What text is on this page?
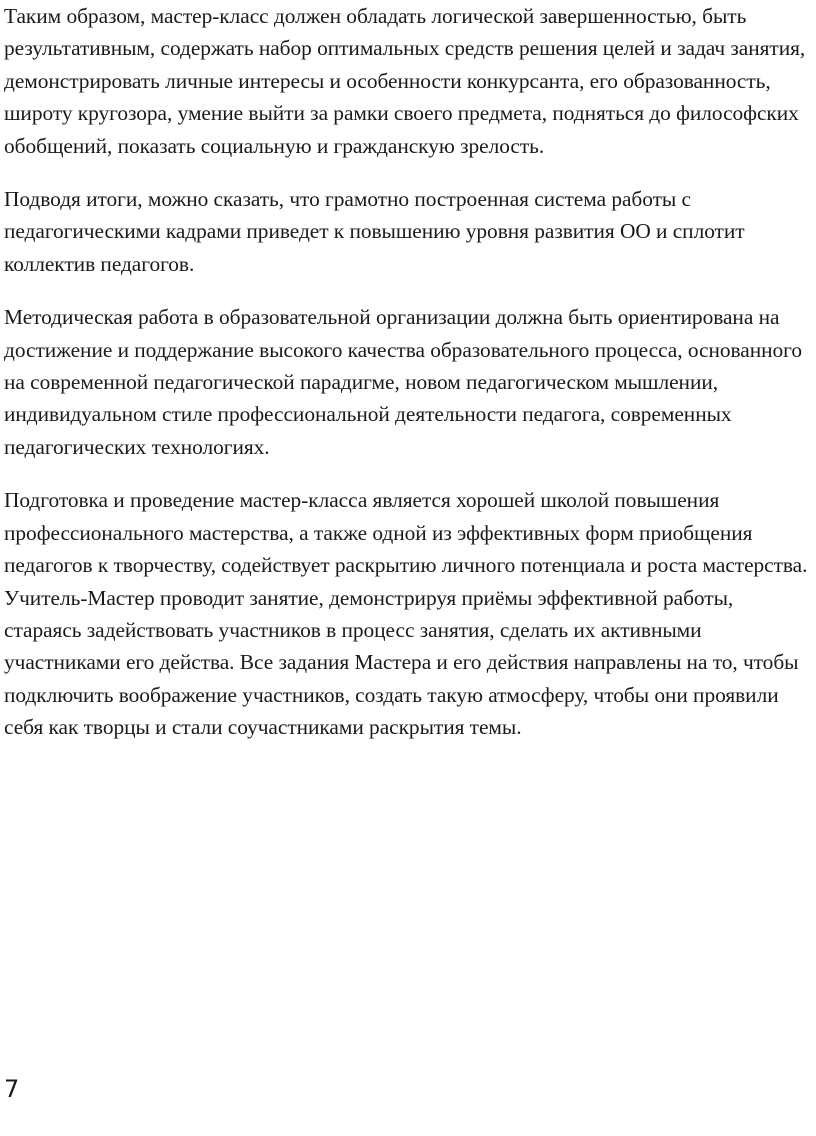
Таким образом, мастер-класс должен обладать логической завершенностью, быть результативным, содержать набор оптимальных средств решения целей и задач занятия, демонстрировать личные интересы и особенности конкурсанта, его образованность, широту кругозора, умение выйти за рамки своего предмета, подняться до философских обобщений, показать социальную и гражданскую зрелость.

Подводя итоги, можно сказать, что грамотно построенная система работы с педагогическими кадрами приведет к повышению уровня развития ОО и сплотит коллектив педагогов.

Методическая работа в образовательной организации должна быть ориентирована на достижение и поддержание высокого качества образовательного процесса, основанного на современной педагогической парадигме, новом педагогическом мышлении, индивидуальном стиле профессиональной деятельности педагога, современных педагогических технологиях.

Подготовка и проведение мастер-класса является хорошей школой повышения профессионального мастерства, а также одной из эффективных форм приобщения педагогов к творчеству, содействует раскрытию личного потенциала и роста мастерства. Учитель-Мастер проводит занятие, демонстрируя приёмы эффективной работы, стараясь задействовать участников в процесс занятия, сделать их активными участниками его действа. Все задания Мастера и его действия направлены на то, чтобы подключить воображение участников, создать такую атмосферу, чтобы они проявили себя как творцы и стали соучастниками раскрытия темы.

7
